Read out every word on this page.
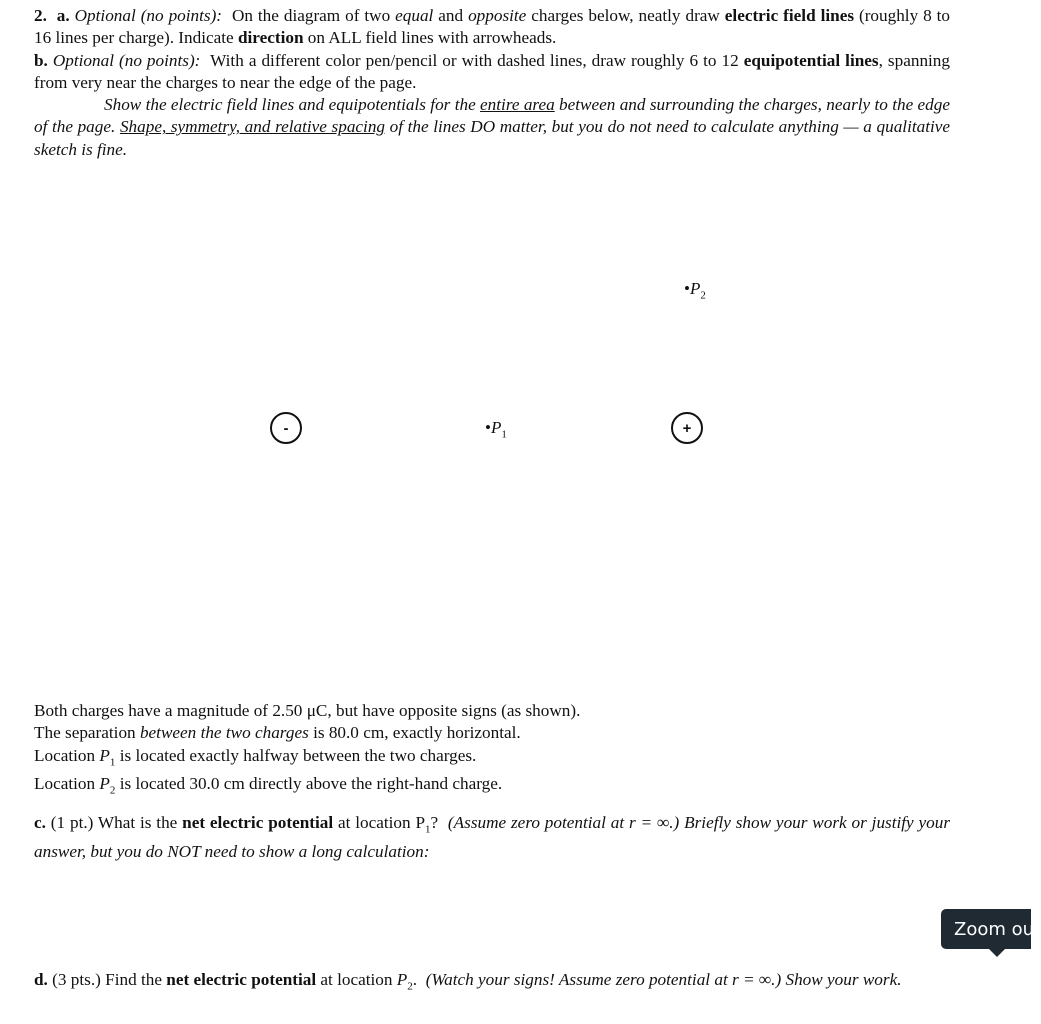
2. a. Optional (no points): On the diagram of two equal and opposite charges below, neatly draw electric field lines (roughly 8 to 16 lines per charge). Indicate direction on ALL field lines with arrowheads.

b. Optional (no points): With a different color pen/pencil or with dashed lines, draw roughly 6 to 12 equipotential lines, spanning from very near the charges to near the edge of the page.

Show the electric field lines and equipotentials for the entire area between and surrounding the charges, nearly to the edge of the page. Shape, symmetry, and relative spacing of the lines DO matter, but you do not need to calculate anything — a qualitative sketch is fine.

-	+
$•P_1$
$•P_2$

Both charges have a magnitude of 2.50 μC, but have opposite signs (as shown).

The separation between the two charges is 80.0 cm, exactly horizontal.

Location $P_1$ is located exactly halfway between the two charges.

Location $P_2$ is located 30.0 cm directly above the right-hand charge.

c. (1 pt.) What is the net electric potential at location $P_1$? (Assume zero potential at r = ∞.) Briefly show your work or justify your answer, but you do NOT need to show a long calculation:

d. (3 pts.) Find the net electric potential at location $P_2$. (Watch your signs! Assume zero potential at r = ∞.) Show your work.

Zoom out
